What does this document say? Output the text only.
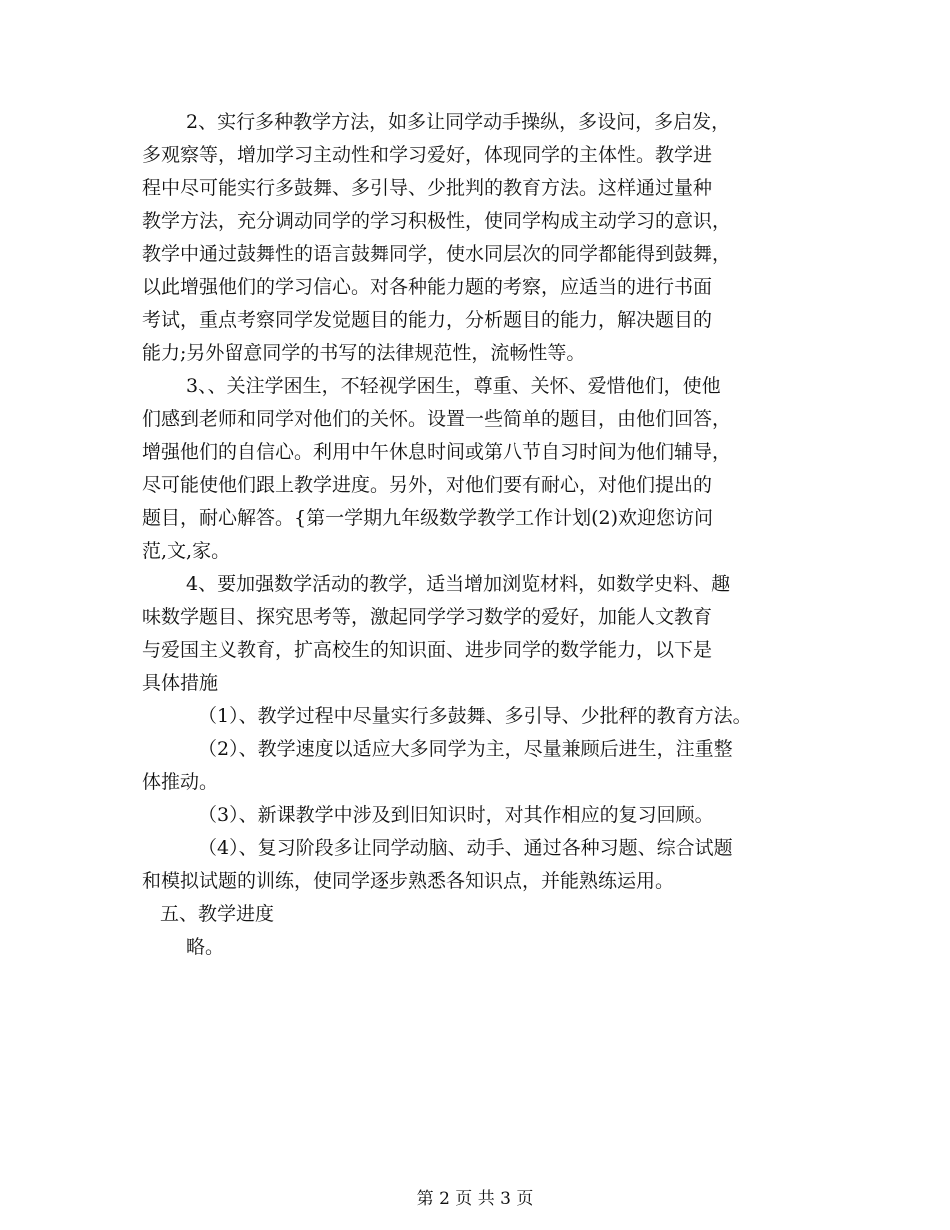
2、实行多种教学方法，如多让同学动手操纵，多设问，多启发，
多观察等，增加学习主动性和学习爱好，体现同学的主体性。教学进
程中尽可能实行多鼓舞、多引导、少批判的教育方法。这样通过量种
教学方法，充分调动同学的学习积极性，使同学构成主动学习的意识，
教学中通过鼓舞性的语言鼓舞同学，使水同层次的同学都能得到鼓舞，
以此增强他们的学习信心。对各种能力题的考察，应适当的进行书面
考试，重点考察同学发觉题目的能力，分析题目的能力，解决题目的
能力;另外留意同学的书写的法律规范性，流畅性等。

3、、关注学困生，不轻视学困生，尊重、关怀、爱惜他们，使他
们感到老师和同学对他们的关怀。设置一些简单的题目，由他们回答，
增强他们的自信心。利用中午休息时间或第八节自习时间为他们辅导，
尽可能使他们跟上教学进度。另外，对他们要有耐心，对他们提出的
题目，耐心解答。{第一学期九年级数学教学工作计划(2)欢迎您访问
范,文,家。

4、要加强数学活动的教学，适当增加浏览材料，如数学史料、趣
味数学题目、探究思考等，激起同学学习数学的爱好，加能人文教育
与爱国主义教育，扩高校生的知识面、进步同学的数学能力，以下是
具体措施

（1）、教学过程中尽量实行多鼓舞、多引导、少批秤的教育方法。

（2）、教学速度以适应大多同学为主，尽量兼顾后进生，注重整
体推动。

（3）、新课教学中涉及到旧知识时，对其作相应的复习回顾。

（4）、复习阶段多让同学动脑、动手、通过各种习题、综合试题
和模拟试题的训练，使同学逐步熟悉各知识点，并能熟练运用。

五、教学进度

略。

第 2 页 共 3 页
